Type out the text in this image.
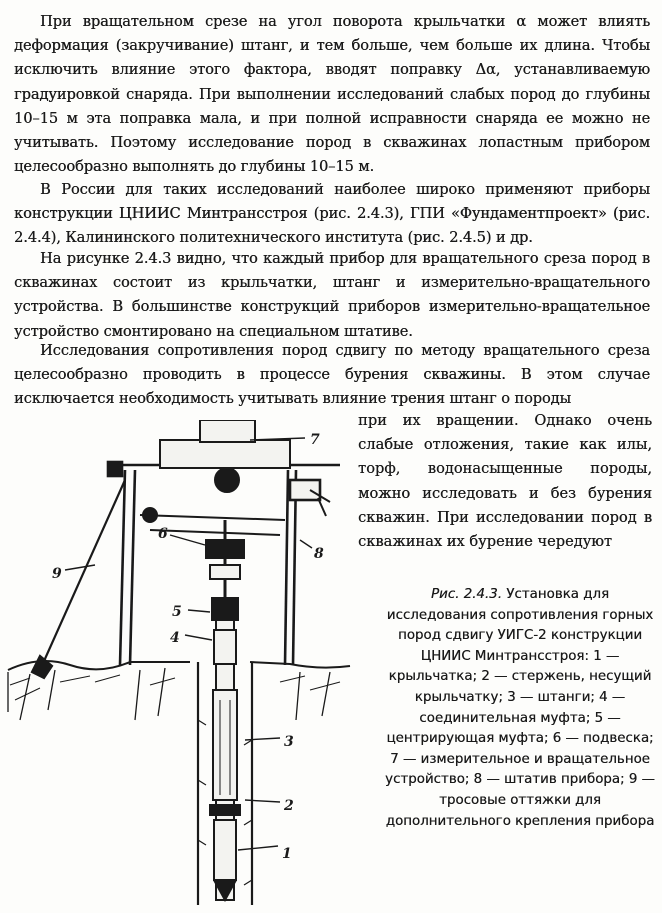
При вращательном срезе на угол поворота крыльчатки α может влиять деформация (закручивание) штанг, и тем больше, чем больше их длина. Чтобы исключить влияние этого фактора, вводят поправку Δα, устанавливаемую градуировкой снаряда. При выполнении исследований слабых пород до глубины 10–15 м эта поправка мала, и при полной исправности снаряда ее можно не учитывать. Поэтому исследование пород в скважинах лопастным прибором целесообразно выполнять до глубины 10–15 м.

В России для таких исследований наиболее широко применяют приборы конструкции ЦНИИС Минтрансстроя (рис. 2.4.3), ГПИ «Фундаментпроект» (рис. 2.4.4), Калининского политехнического института (рис. 2.4.5) и др.

На рисунке 2.4.3 видно, что каждый прибор для вращательного среза пород в скважинах состоит из крыльчатки, штанг и измерительно-вращательного устройства. В большинстве конструкций приборов измерительно-вращательное устройство смонтировано на специальном штативе.

Исследования сопротивления пород сдвигу по методу вращательного среза целесообразно проводить в процессе бурения скважины. В этом случае исключается необходимость учитывать влияние трения штанг о породы

при их вращении. Однако очень слабые отложения, такие как илы, торф, водонасыщенные породы, можно исследовать и без бурения скважин. При исследовании пород в скважинах их бурение чередуют

1
2
3
4
5
6
7
8
9

Рис. 2.4.3. Установка для исследования сопротивления горных пород сдвигу УИГС-2 конструкции ЦНИИС Минтрансстроя: 1 — крыльчатка; 2 — стержень, несущий крыльчатку; 3 — штанги; 4 — соединительная муфта; 5 — центрирующая муфта; 6 — подвеска; 7 — измерительное и вращательное устройство; 8 — штатив прибора; 9 — тросовые оттяжки для дополнительного крепления прибора
